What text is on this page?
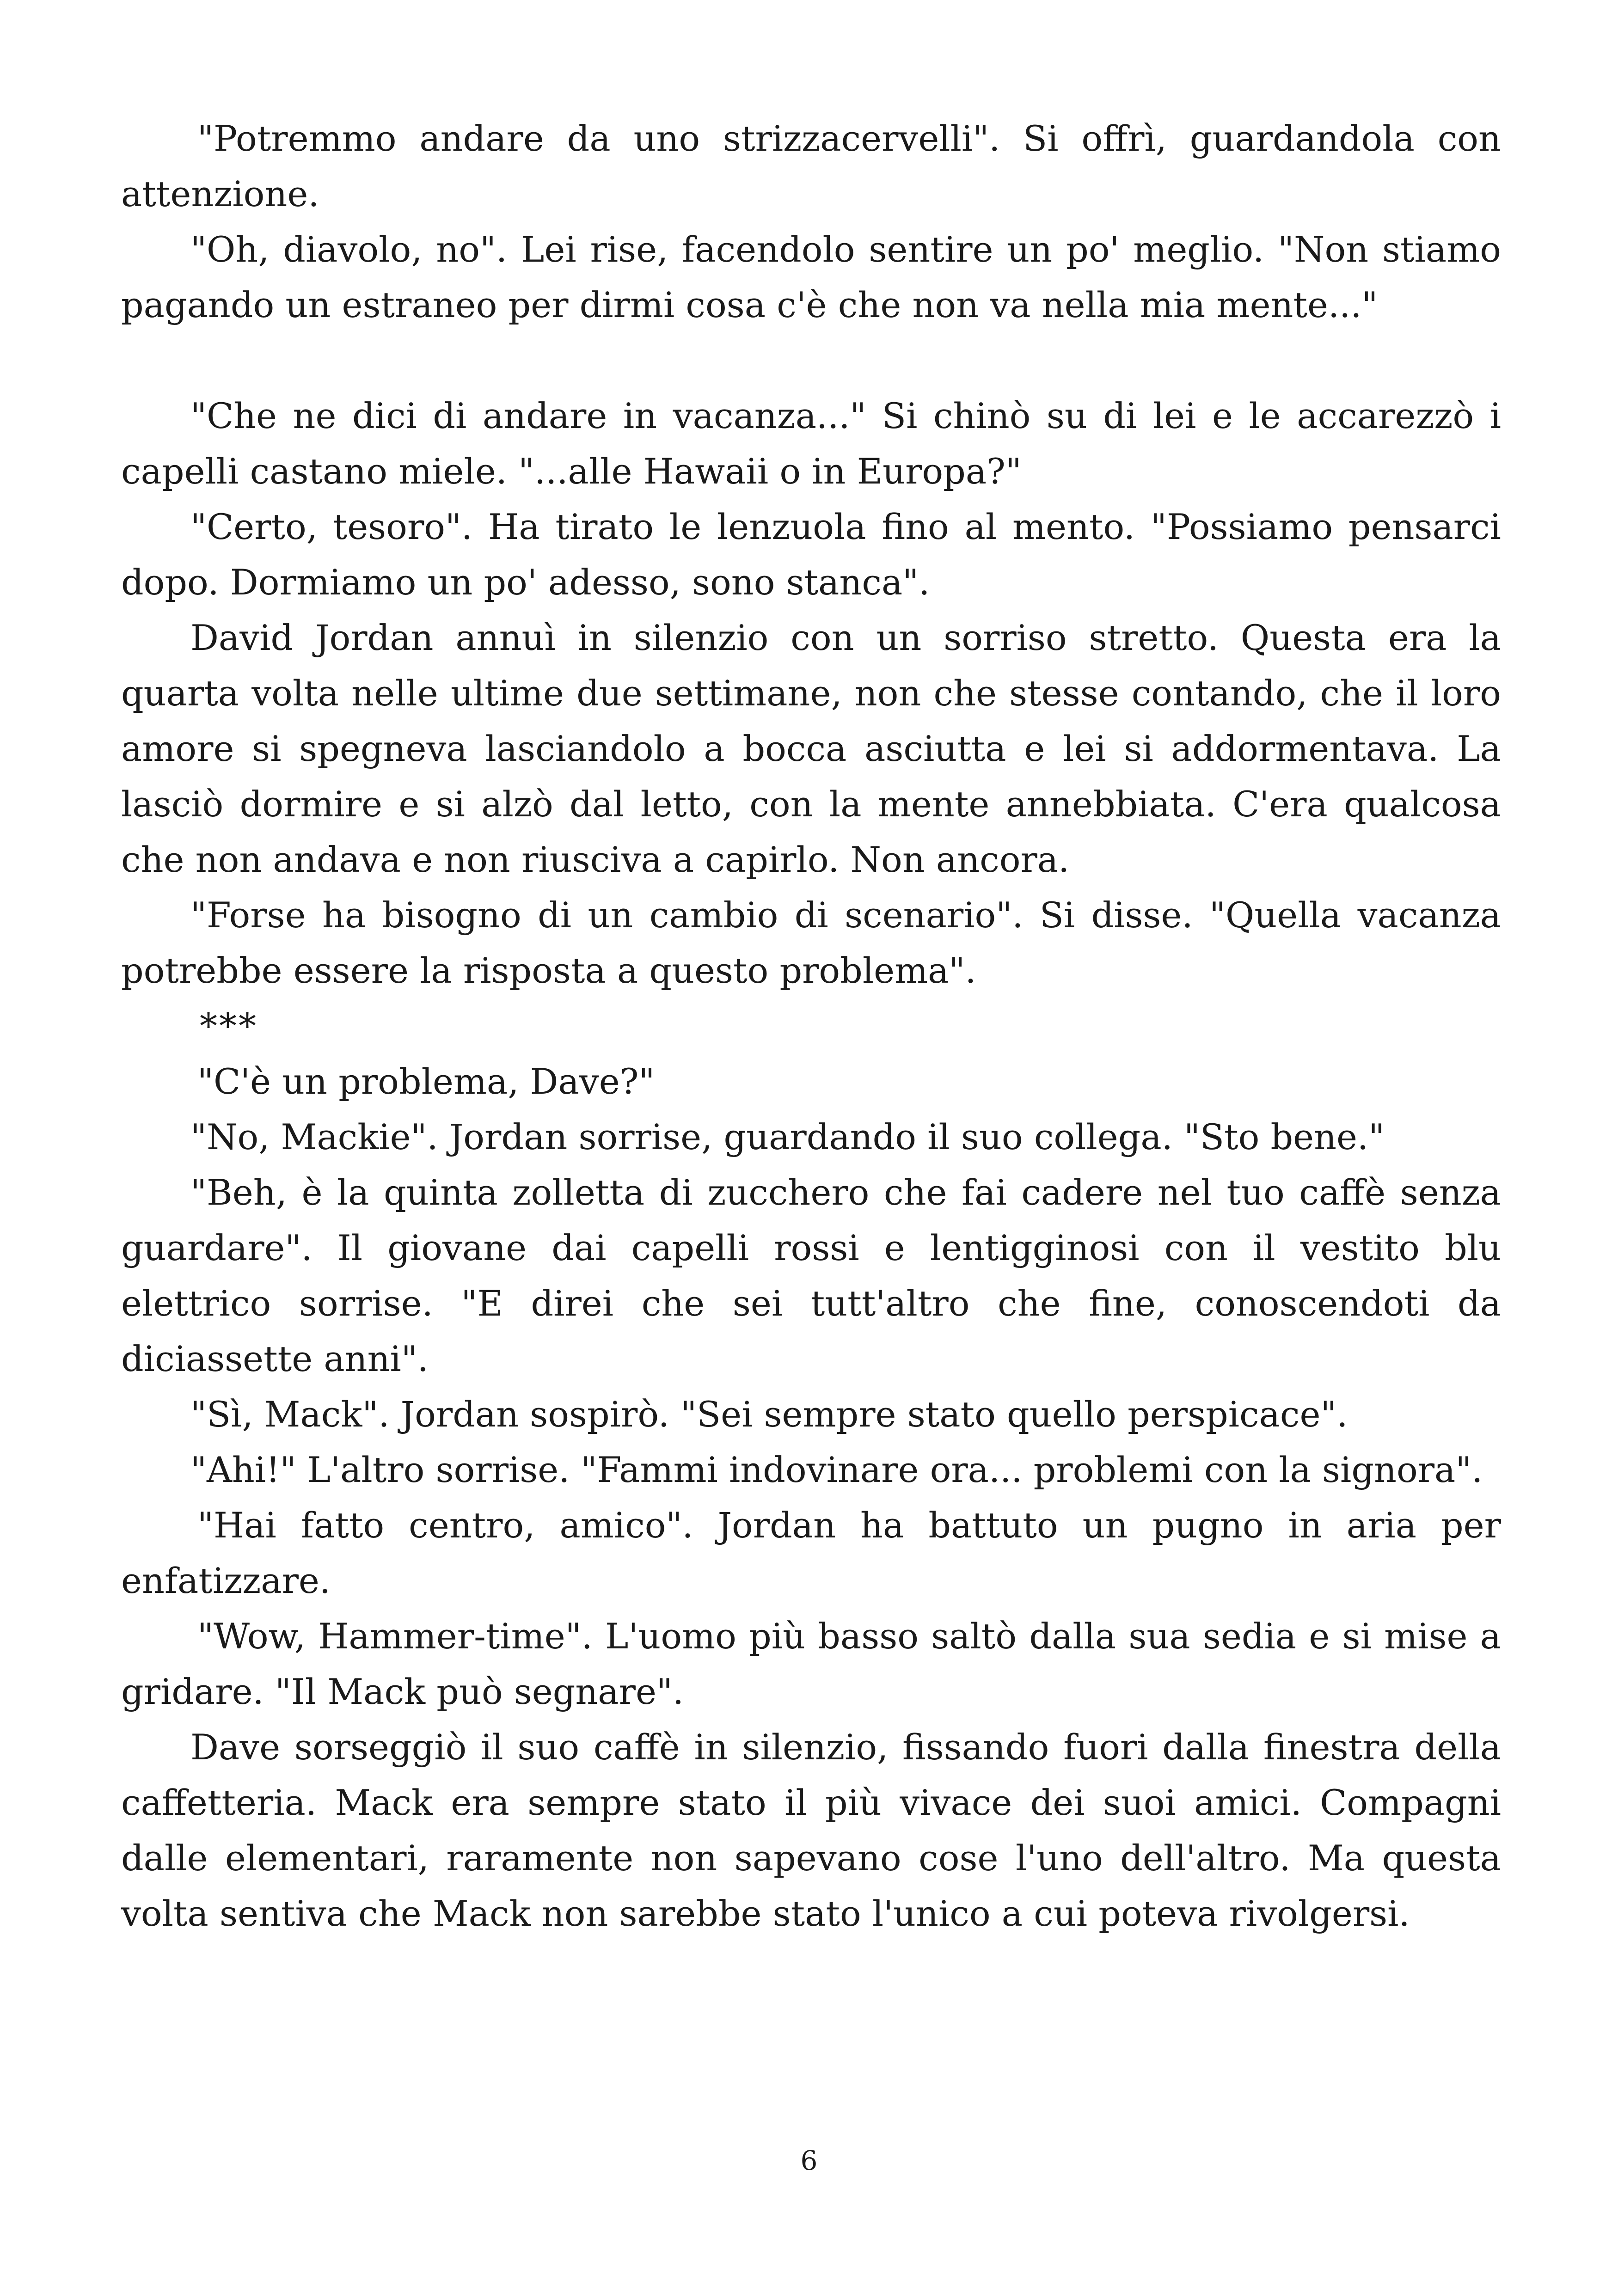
"Potremmo andare da uno strizzacervelli". Si offrì, guardandola con attenzione.

"Oh, diavolo, no". Lei rise, facendolo sentire un po' meglio. "Non stiamo pagando un estraneo per dirmi cosa c'è che non va nella mia mente..."

"Che ne dici di andare in vacanza..." Si chinò su di lei e le accarezzò i capelli castano miele. "...alle Hawaii o in Europa?"

"Certo, tesoro". Ha tirato le lenzuola fino al mento. "Possiamo pensarci dopo. Dormiamo un po' adesso, sono stanca".

David Jordan annuì in silenzio con un sorriso stretto. Questa era la quarta volta nelle ultime due settimane, non che stesse contando, che il loro amore si spegneva lasciandolo a bocca asciutta e lei si addormentava. La lasciò dormire e si alzò dal letto, con la mente annebbiata. C'era qualcosa che non andava e non riusciva a capirlo. Non ancora.

"Forse ha bisogno di un cambio di scenario". Si disse. "Quella vacanza potrebbe essere la risposta a questo problema".

***

"C'è un problema, Dave?"

"No, Mackie". Jordan sorrise, guardando il suo collega. "Sto bene."

"Beh, è la quinta zolletta di zucchero che fai cadere nel tuo caffè senza guardare". Il giovane dai capelli rossi e lentigginosi con il vestito blu elettrico sorrise. "E direi che sei tutt'altro che fine, conoscendoti da diciassette anni".

"Sì, Mack". Jordan sospirò. "Sei sempre stato quello perspicace".

"Ahi!" L'altro sorrise. "Fammi indovinare ora... problemi con la signora".

"Hai fatto centro, amico". Jordan ha battuto un pugno in aria per enfatizzare.

"Wow, Hammer-time". L'uomo più basso saltò dalla sua sedia e si mise a gridare. "Il Mack può segnare".

Dave sorseggiò il suo caffè in silenzio, fissando fuori dalla finestra della caffetteria. Mack era sempre stato il più vivace dei suoi amici. Compagni dalle elementari, raramente non sapevano cose l'uno dell'altro. Ma questa volta sentiva che Mack non sarebbe stato l'unico a cui poteva rivolgersi.

6
